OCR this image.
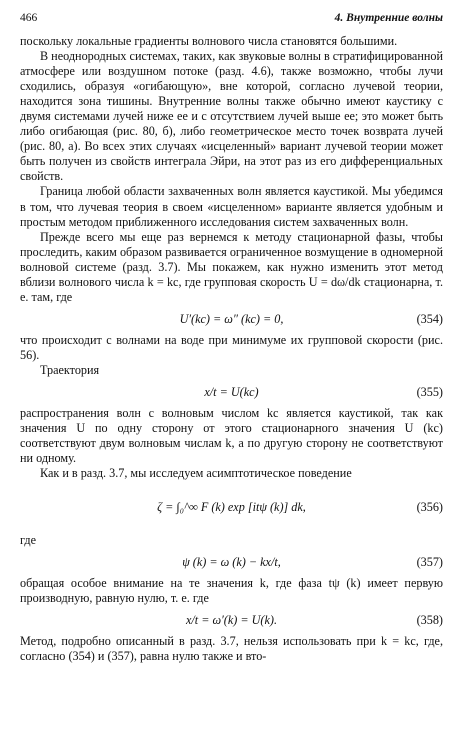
466	4. Внутренние волны

поскольку локальные градиенты волнового числа становятся большими.

В неоднородных системах, таких, как звуковые волны в стратифицированной атмосфере или воздушном потоке (разд. 4.6), также возможно, чтобы лучи сходились, образуя «огибающую», вне которой, согласно лучевой теории, находится зона тишины. Внутренние волны также обычно имеют каустику с двумя системами лучей ниже ее и с отсутствием лучей выше ее; это может быть либо огибающая (рис. 80, б), либо геометрическое место точек возврата лучей (рис. 80, а). Во всех этих случаях «исцеленный» вариант лучевой теории может быть получен из свойств интеграла Эйри, на этот раз из его дифференциальных свойств.

Граница любой области захваченных волн является каустикой. Мы убедимся в том, что лучевая теория в своем «исцеленном» варианте является удобным и простым методом приближенного исследования систем захваченных волн.

Прежде всего мы еще раз вернемся к методу стационарной фазы, чтобы проследить, каким образом развивается ограниченное возмущение в одномерной волновой системе (разд. 3.7). Мы покажем, как нужно изменить этот метод вблизи волнового числа k = kc, где групповая скорость U = dω/dk стационарна, т. е. там, где

U′(kc) = ω″ (kc) = 0,	(354)

что происходит с волнами на воде при минимуме их групповой скорости (рис. 56).

Траектория

x/t = U(kc)	(355)

распространения волн с волновым числом kc является каустикой, так как значения U по одну сторону от этого стационарного значения U (kc) соответствуют двум волновым числам k, а по другую сторону не соответствуют ни одному.

Как и в разд. 3.7, мы исследуем асимптотическое поведение

ζ = ∫₀^∞ F (k) exp [itψ (k)] dk,	(356)

где

ψ (k) = ω (k) − kx/t,	(357)

обращая особое внимание на те значения k, где фаза tψ (k) имеет первую производную, равную нулю, т. е. где

x/t = ω′(k) = U(k).	(358)

Метод, подробно описанный в разд. 3.7, нельзя использовать при k = kc, где, согласно (354) и (357), равна нулю также и вто-
